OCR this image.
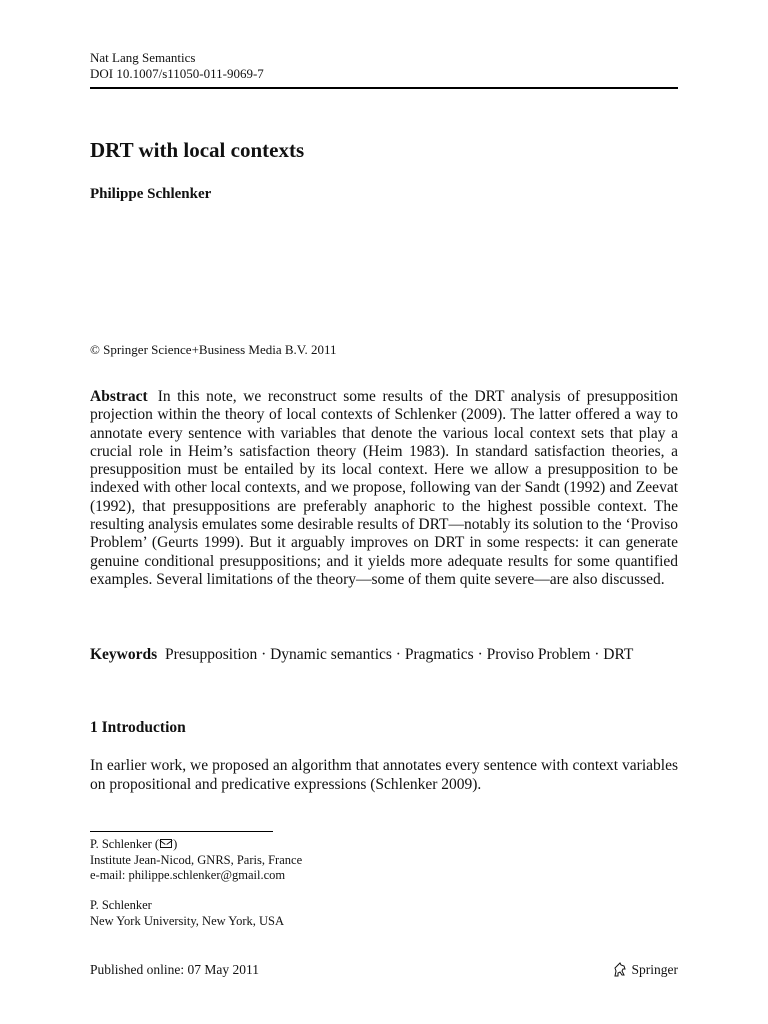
Nat Lang Semantics
DOI 10.1007/s11050-011-9069-7
DRT with local contexts
Philippe Schlenker
© Springer Science+Business Media B.V. 2011

Abstract In this note, we reconstruct some results of the DRT analysis of presupposition projection within the theory of local contexts of Schlenker (2009). The latter offered a way to annotate every sentence with variables that denote the various local context sets that play a crucial role in Heim’s satisfaction theory (Heim 1983). In standard satisfaction theories, a presupposition must be entailed by its local context. Here we allow a presupposition to be indexed with other local contexts, and we propose, following van der Sandt (1992) and Zeevat (1992), that presuppositions are preferably anaphoric to the highest possible context. The resulting analysis emulates some desirable results of DRT—notably its solution to the ‘Proviso Problem’ (Geurts 1999). But it arguably improves on DRT in some respects: it can generate genuine conditional presuppositions; and it yields more adequate results for some quantified examples. Several limitations of the theory—some of them quite severe—are also discussed.

Keywords Presupposition · Dynamic semantics · Pragmatics · Proviso Problem · DRT

1 Introduction

In earlier work, we proposed an algorithm that annotates every sentence with context variables on propositional and predicative expressions (Schlenker 2009).

P. Schlenker ( )
Institute Jean-Nicod, GNRS, Paris, France
e-mail: philippe.schlenker@gmail.com
P. Schlenker
New York University, New York, USA
Published online: 07 May 2011	Springer
